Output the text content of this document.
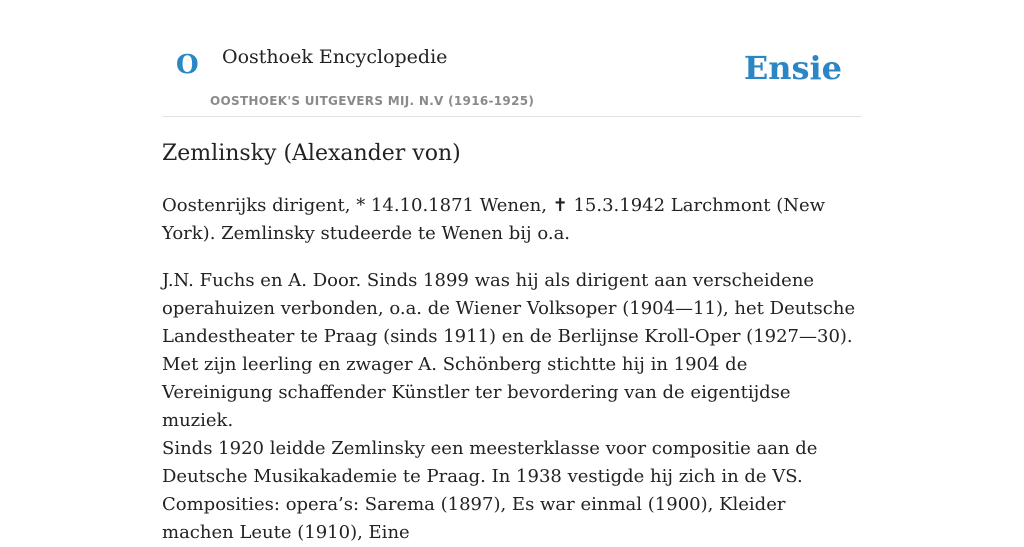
O Oosthoek Encyclopedie
OOSTHOEK'S UITGEVERS MIJ. N.V (1916-1925)
Ensie
Zemlinsky (Alexander von)

Oostenrijks dirigent, * 14.10.1871 Wenen, ✝ 15.3.1942 Larchmont (New York). Zemlinsky studeerde te Wenen bij o.a.

J.N. Fuchs en A. Door. Sinds 1899 was hij als dirigent aan verscheidene operahuizen verbonden, o.a. de Wiener Volksoper (1904—11), het Deutsche Landestheater te Praag (sinds 1911) en de Berlijnse Kroll-Oper (1927—30). Met zijn leerling en zwager A. Schönberg stichtte hij in 1904 de Vereinigung schaffender Künstler ter bevordering van de eigentijdse muziek.

Sinds 1920 leidde Zemlinsky een meesterklasse voor compositie aan de Deutsche Musikakademie te Praag. In 1938 vestigde hij zich in de VS. Composities: opera’s: Sarema (1897), Es war einmal (1900), Kleider machen Leute (1910), Eine
